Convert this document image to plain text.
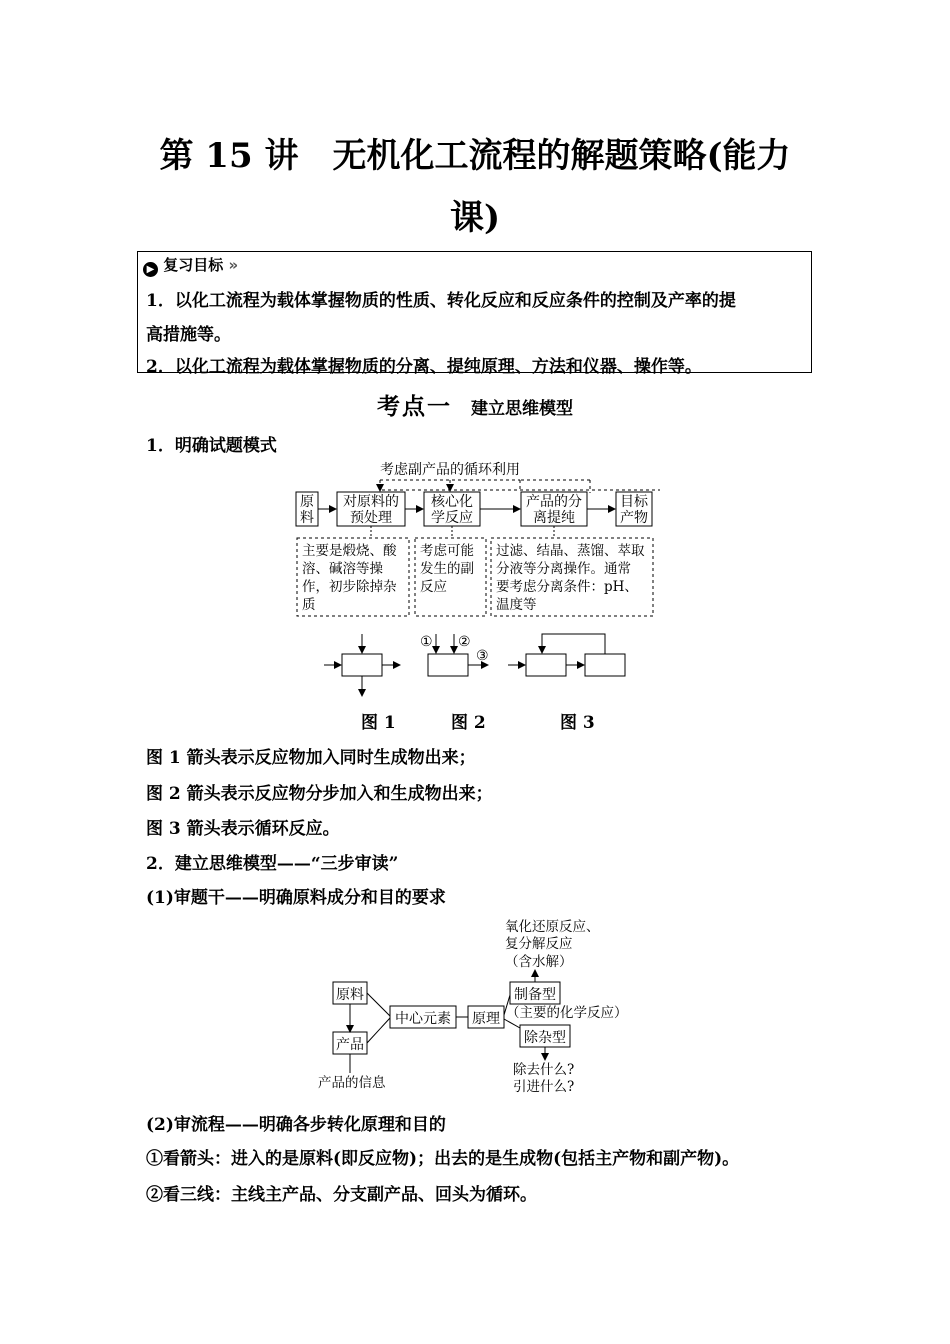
第 15 讲　无机化工流程的解题策略(能力
课)
▶ 复习目标 »
1．以化工流程为载体掌握物质的性质、转化反应和反应条件的控制及产率的提
高措施等。
2．以化工流程为载体掌握物质的分离、提纯原理、方法和仪器、操作等。
考点一 建立思维模型
1．明确试题模式
考虑副产品的循环利用
原
料
对原料的
预处理
核心化
学反应
产品的分
离提纯
目标
产物
主要是煅烧、酸
溶、碱溶等操
作，初步除掉杂
质
考虑可能
发生的副
反应
过滤、结晶、蒸馏、萃取
分液等分离操作。通常
要考虑分离条件：pH、
温度等
① ②
③
图 1	图 2	图 3
图 1 箭头表示反应物加入同时生成物出来；
图 2 箭头表示反应物分步加入和生成物出来；
图 3 箭头表示循环反应。
2．建立思维模型——“三步审读”
(1)审题干——明确原料成分和目的要求
氧化还原反应、
复分解反应
（含水解）
原料
产品
产品的信息
中心元素 原理
制备型
（主要的化学反应）
除杂型
除去什么?
引进什么?
(2)审流程——明确各步转化原理和目的
①看箭头：进入的是原料(即反应物)；出去的是生成物(包括主产物和副产物)。
②看三线：主线主产品、分支副产品、回头为循环。
